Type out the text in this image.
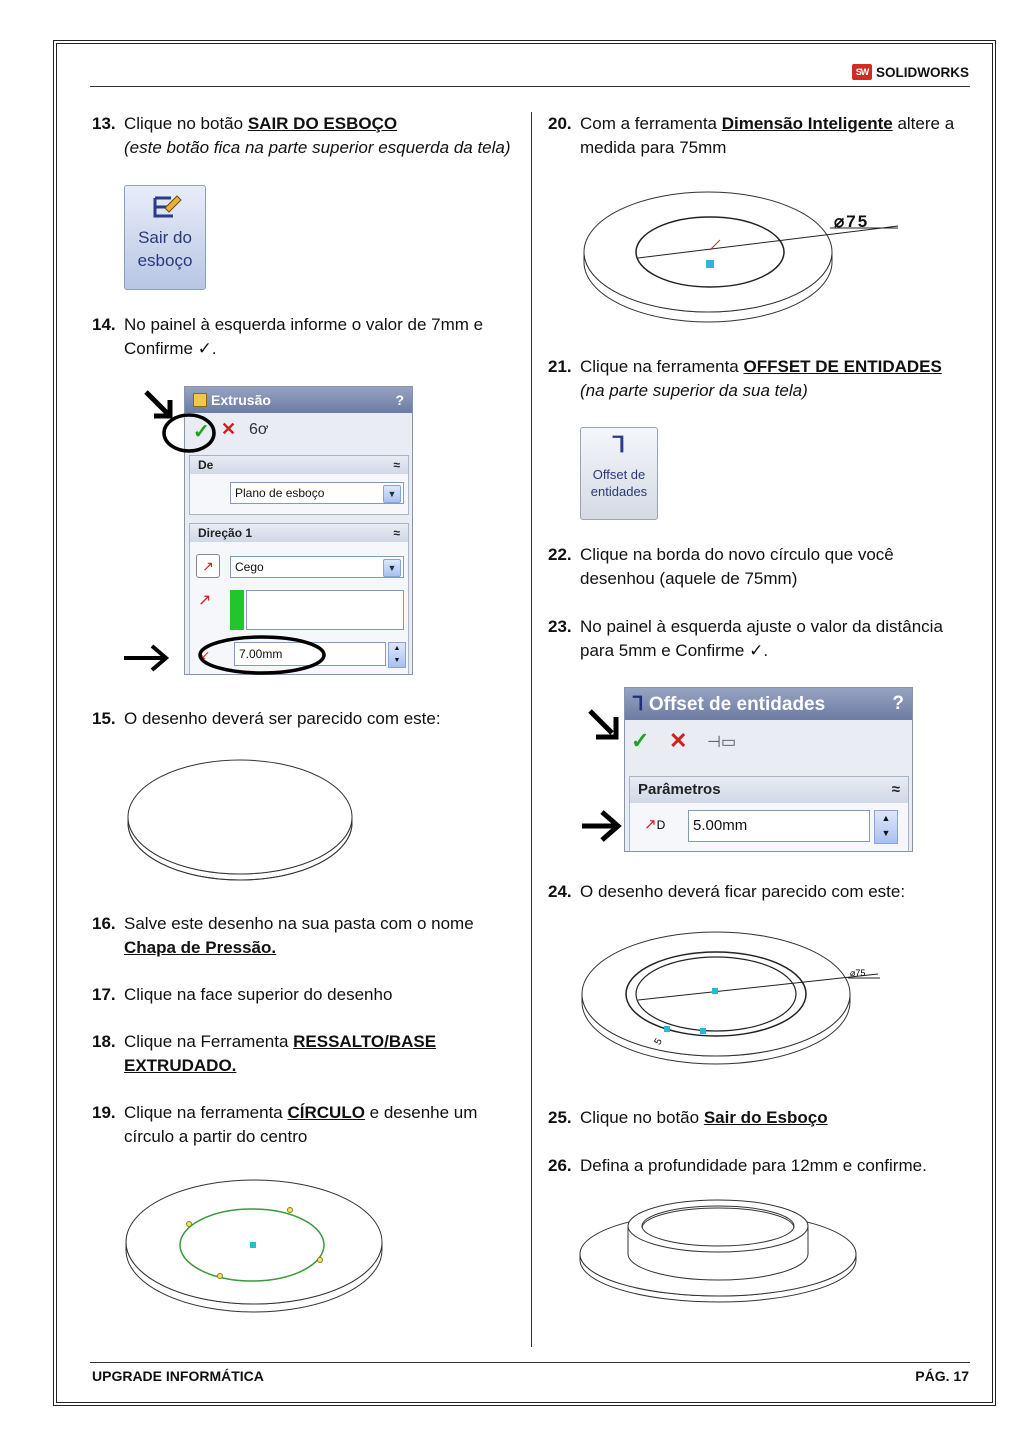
SW SOLIDWORKS
13. Clique no botão SAIR DO ESBOÇO
(este botão fica na parte superior esquerda da tela)
Sair do
esboço
14. No painel à esquerda informe o valor de 7mm e
Confirme ✓.
Extrusão	?
✓ ✕ 6ơ
De	≈
Plano de esboço	▼
Direção 1	≈
↗	Cego	▼
↗
↙	7.00mm	▲
▼
15. O desenho deverá ser parecido com este:
16. Salve este desenho na sua pasta com o nome
Chapa de Pressão.
17. Clique na face superior do desenho
18. Clique na Ferramenta RESSALTO/BASE
EXTRUDADO.
19. Clique na ferramenta CÍRCULO e desenhe um
círculo a partir do centro
20. Com a ferramenta Dimensão Inteligente altere a
medida para 75mm
⌀75
21. Clique na ferramenta OFFSET DE ENTIDADES
(na parte superior da sua tela)
⅂
Offset de
entidades
22. Clique na borda do novo círculo que você
desenhou (aquele de 75mm)
23. No painel à esquerda ajuste o valor da distância
para 5mm e Confirme ✓.
⅂ Offset de entidades	?
✓ ✕ ⊣▭
Parâmetros	≈
↗D	5.00mm	▲
▼
24. O desenho deverá ficar parecido com este:
⌀75
5
25. Clique no botão Sair do Esboço
26. Defina a profundidade para 12mm e confirme.
UPGRADE INFORMÁTICA	PÁG. 17
